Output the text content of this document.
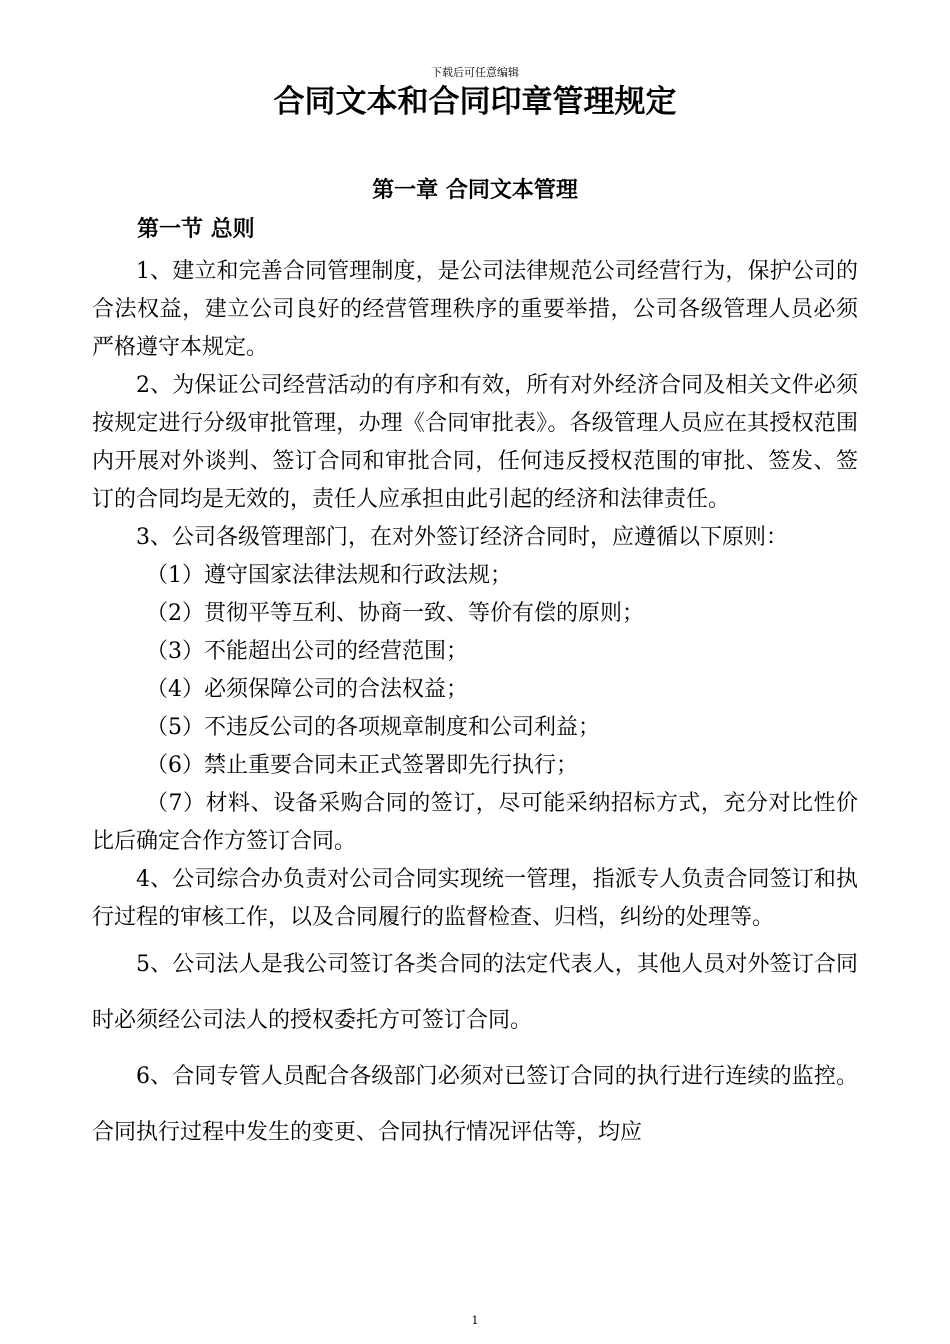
下载后可任意编辑
合同文本和合同印章管理规定
第一章 合同文本管理
第一节 总则

1、建立和完善合同管理制度，是公司法律规范公司经营行为，保护公司的合法权益，建立公司良好的经营管理秩序的重要举措，公司各级管理人员必须严格遵守本规定。

2、为保证公司经营活动的有序和有效，所有对外经济合同及相关文件必须按规定进行分级审批管理，办理《合同审批表》。各级管理人员应在其授权范围内开展对外谈判、签订合同和审批合同，任何违反授权范围的审批、签发、签订的合同均是无效的，责任人应承担由此引起的经济和法律责任。

3、公司各级管理部门，在对外签订经济合同时，应遵循以下原则：

（1）遵守国家法律法规和行政法规；

（2）贯彻平等互利、协商一致、等价有偿的原则；

（3）不能超出公司的经营范围；

（4）必须保障公司的合法权益；

（5）不违反公司的各项规章制度和公司利益；

（6）禁止重要合同未正式签署即先行执行；

（7）材料、设备采购合同的签订，尽可能采纳招标方式，充分对比性价比后确定合作方签订合同。

4、公司综合办负责对公司合同实现统一管理，指派专人负责合同签订和执行过程的审核工作，以及合同履行的监督检查、归档，纠纷的处理等。

5、公司法人是我公司签订各类合同的法定代表人，其他人员对外签订合同时必须经公司法人的授权委托方可签订合同。

6、合同专管人员配合各级部门必须对已签订合同的执行进行连续的监控。合同执行过程中发生的变更、合同执行情况评估等，均应

1
